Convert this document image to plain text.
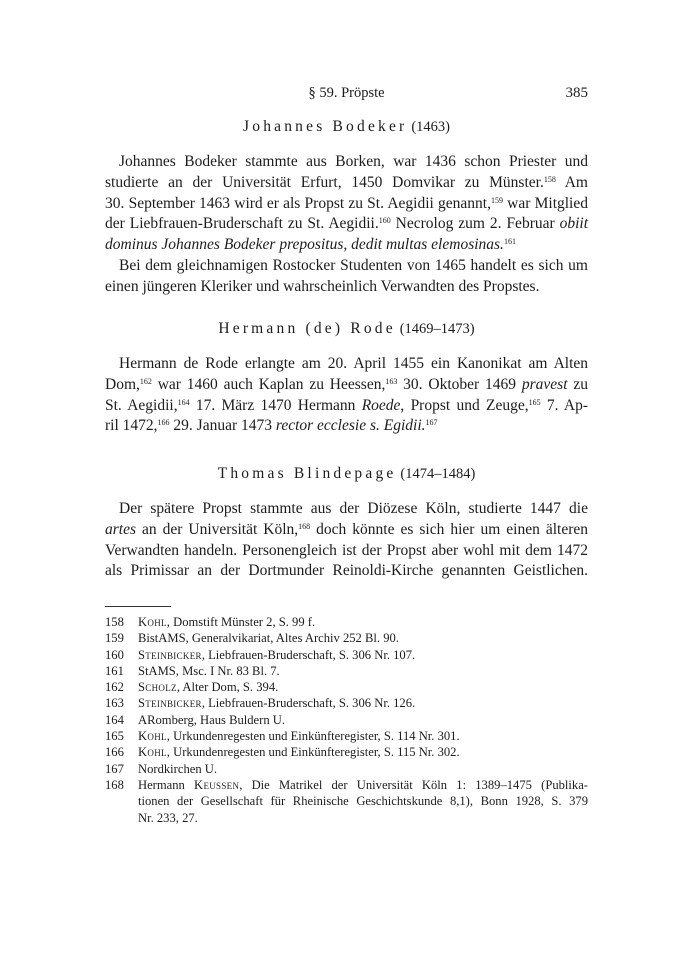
§ 59. Pröpste	385
Johannes Bodeker (1463)
Johannes Bodeker stammte aus Borken, war 1436 schon Priester und
studierte an der Universität Erfurt, 1450 Domvikar zu Münster.$^{158}$ Am
30. September 1463 wird er als Propst zu St. Aegidii genannt,$^{159}$ war Mitglied
der Liebfrauen-Bruderschaft zu St. Aegidii.$^{160}$ Necrolog zum 2. Februar obiit
dominus Johannes Bodeker prepositus, dedit multas elemosinas.$^{161}$
Bei dem gleichnamigen Rostocker Studenten von 1465 handelt es sich um
einen jüngeren Kleriker und wahrscheinlich Verwandten des Propstes.
Hermann (de) Rode (1469–1473)
Hermann de Rode erlangte am 20. April 1455 ein Kanonikat am Alten
Dom,$^{162}$ war 1460 auch Kaplan zu Heessen,$^{163}$ 30. Oktober 1469 pravest zu
St. Aegidii,$^{164}$ 17. März 1470 Hermann Roede, Propst und Zeuge,$^{165}$ 7. Ap-
ril 1472,$^{166}$ 29. Januar 1473 rector ecclesie s. Egidii.$^{167}$
Thomas Blindepage (1474–1484)
Der spätere Propst stammte aus der Diözese Köln, studierte 1447 die
artes an der Universität Köln,$^{168}$ doch könnte es sich hier um einen älteren
Verwandten handeln. Personengleich ist der Propst aber wohl mit dem 1472
als Primissar an der Dortmunder Reinoldi-Kirche genannten Geistlichen.
158 Kohl, Domstift Münster 2, S. 99 f.
159 BistAMS, Generalvikariat, Altes Archiv 252 Bl. 90.
160 Steinbicker, Liebfrauen-Bruderschaft, S. 306 Nr. 107.
161 StAMS, Msc. I Nr. 83 Bl. 7.
162 Scholz, Alter Dom, S. 394.
163 Steinbicker, Liebfrauen-Bruderschaft, S. 306 Nr. 126.
164 ARomberg, Haus Buldern U.
165 Kohl, Urkundenregesten und Einkünfteregister, S. 114 Nr. 301.
166 Kohl, Urkundenregesten und Einkünfteregister, S. 115 Nr. 302.
167 Nordkirchen U.
168 Hermann Keussen, Die Matrikel der Universität Köln 1: 1389–1475 (Publika-
tionen der Gesellschaft für Rheinische Geschichtskunde 8,1), Bonn 1928, S. 379
Nr. 233, 27.
